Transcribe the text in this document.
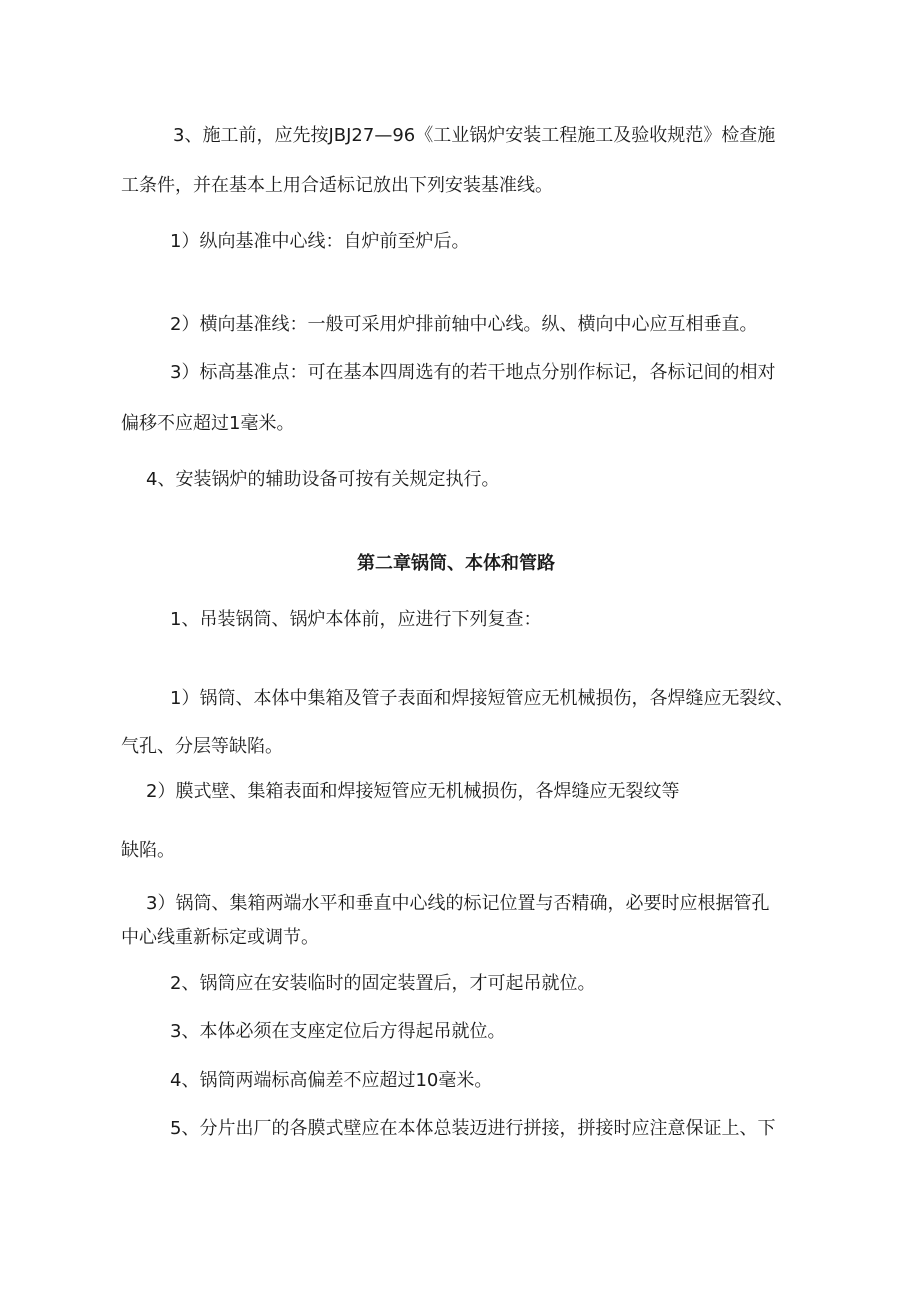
3、施工前，应先按JBJ27—96《工业锅炉安装工程施工及验收规范》检查施
工条件，并在基本上用合适标记放出下列安装基准线。
1）纵向基准中心线：自炉前至炉后。
2）横向基准线：一般可采用炉排前轴中心线。纵、横向中心应互相垂直。
3）标高基准点：可在基本四周选有的若干地点分别作标记，各标记间的相对
偏移不应超过1毫米。
4、安装锅炉的辅助设备可按有关规定执行。
第二章锅筒、本体和管路
1、吊装锅筒、锅炉本体前，应进行下列复查：
1）锅筒、本体中集箱及管子表面和焊接短管应无机械损伤，各焊缝应无裂纹、
气孔、分层等缺陷。
2）膜式壁、集箱表面和焊接短管应无机械损伤，各焊缝应无裂纹等
缺陷。
3）锅筒、集箱两端水平和垂直中心线的标记位置与否精确，必要时应根据管孔
中心线重新标定或调节。
2、锅筒应在安装临时的固定装置后，才可起吊就位。
3、本体必须在支座定位后方得起吊就位。
4、锅筒两端标高偏差不应超过10毫米。
5、分片出厂的各膜式壁应在本体总装迈进行拼接，拼接时应注意保证上、下
